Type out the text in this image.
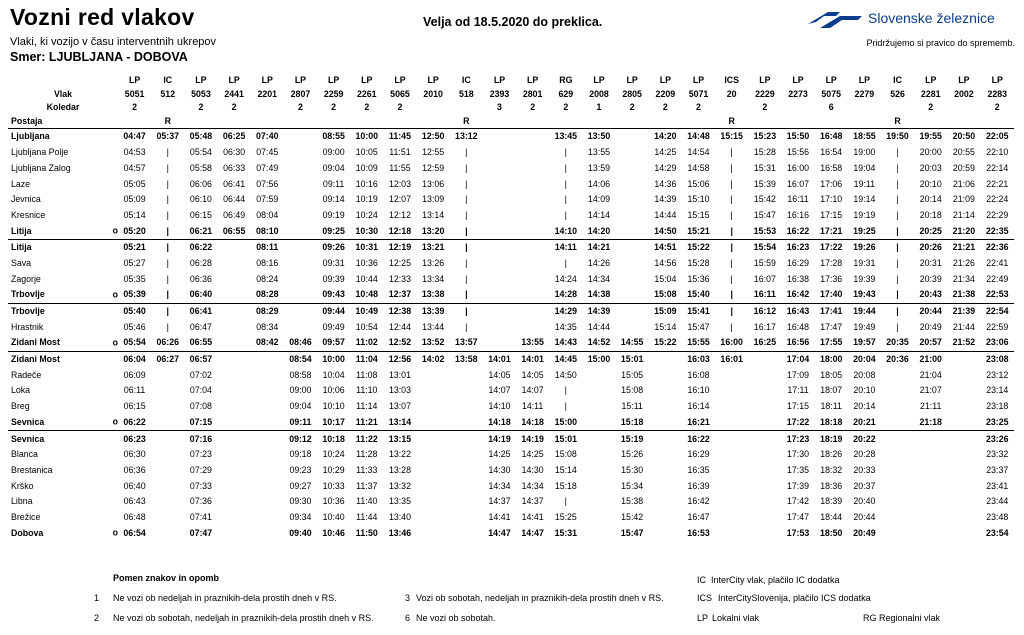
Vozni red vlakov
Vlaki, ki vozijo v času interventnih ukrepov
Smer: LJUBLJANA - DOBOVA
Velja od 18.5.2020 do preklica.	Slovenske železnice
Pridržujemo si pravico do sprememb.
	LP	IC	LP	LP	LP	LP	LP	LP	LP	LP	IC	LP	LP	RG	LP	LP	LP	LP	ICS	LP	LP	LP	LP	IC	LP	LP	LP
Vlak	5051	512	5053	2441	2201	2807	2259	2261	5065	2010	518	2393	2801	629	2008	2805	2209	5071	20	2229	2273	5075	2279	526	2281	2002	2283
Koledar	2		2	2		2	2	2	2			3	2	2	1	2	2	2		2		6			2		2
Postaja		R									R								R					R			
Ljubljana	04:47	05:37	05:48	06:25	07:40		08:55	10:00	11:45	12:50	13:12			13:45	13:50		14:20	14:48	15:15	15:23	15:50	16:48	18:55	19:50	19:55	20:50	22:05
Ljubljana Polje	04:53	|	05:54	06:30	07:45		09:00	10:05	11:51	12:55	|			|	13:55		14:25	14:54	|	15:28	15:56	16:54	19:00	|	20:00	20:55	22:10
Ljubljana Zalog	04:57	|	05:58	06:33	07:49		09:04	10:09	11:55	12:59	|			|	13:59		14:29	14:58	|	15:31	16:00	16:58	19:04	|	20:03	20:59	22:14
Laze	05:05	|	06:06	06:41	07:56		09:11	10:16	12:03	13:06	|			|	14:06		14:36	15:06	|	15:39	16:07	17:06	19:11	|	20:10	21:06	22:21
Jevnica	05:09	|	06:10	06:44	07:59		09:14	10:19	12:07	13:09	|			|	14:09		14:39	15:10	|	15:42	16:11	17:10	19:14	|	20:14	21:09	22:24
Kresnice	05:14	|	06:15	06:49	08:04		09:19	10:24	12:12	13:14	|			|	14:14		14:44	15:15	|	15:47	16:16	17:15	19:19	|	20:18	21:14	22:29
Litija o	05:20	|	06:21	06:55	08:10		09:25	10:30	12:18	13:20	|			14:10	14:20		14:50	15:21	|	15:53	16:22	17:21	19:25	|	20:25	21:20	22:35
Litija	05:21	|	06:22		08:11		09:26	10:31	12:19	13:21	|			14:11	14:21		14:51	15:22	|	15:54	16:23	17:22	19:26	|	20:26	21:21	22:36
Sava	05:27	|	06:28		08:16		09:31	10:36	12:25	13:26	|			|	14:26		14:56	15:28	|	15:59	16:29	17:28	19:31	|	20:31	21:26	22:41
Zagorje	05:35	|	06:36		08:24		09:39	10:44	12:33	13:34	|			14:24	14:34		15:04	15:36	|	16:07	16:38	17:36	19:39	|	20:39	21:34	22:49
Trbovlje o	05:39	|	06:40		08:28		09:43	10:48	12:37	13:38	|			14:28	14:38		15:08	15:40	|	16:11	16:42	17:40	19:43	|	20:43	21:38	22:53
Trbovlje	05:40	|	06:41		08:29		09:44	10:49	12:38	13:39	|			14:29	14:39		15:09	15:41	|	16:12	16:43	17:41	19:44	|	20:44	21:39	22:54
Hrastnik	05:46	|	06:47		08:34		09:49	10:54	12:44	13:44	|			14:35	14:44		15:14	15:47	|	16:17	16:48	17:47	19:49	|	20:49	21:44	22:59
Zidani Most o	05:54	06:26	06:55		08:42	08:46	09:57	11:02	12:52	13:52	13:57		13:55	14:43	14:52	14:55	15:22	15:55	16:00	16:25	16:56	17:55	19:57	20:35	20:57	21:52	23:06
Zidani Most	06:04	06:27	06:57			08:54	10:00	11:04	12:56	14:02	13:58	14:01	14:01	14:45	15:00	15:01		16:03	16:01		17:04	18:00	20:04	20:36	21:00		23:08
Radeče	06:09		07:02			08:58	10:04	11:08	13:01			14:05	14:05	14:50		15:05		16:08			17:09	18:05	20:08		21:04		23:12
Loka	06:11		07:04			09:00	10:06	11:10	13:03			14:07	14:07	|		15:08		16:10			17:11	18:07	20:10		21:07		23:14
Breg	06:15		07:08			09:04	10:10	11:14	13:07			14:10	14:11	|		15:11		16:14			17:15	18:11	20:14		21:11		23:18
Sevnica o	06:22		07:15			09:11	10:17	11:21	13:14			14:18	14:18	15:00		15:18		16:21			17:22	18:18	20:21		21:18		23:25
Sevnica	06:23		07:16			09:12	10:18	11:22	13:15			14:19	14:19	15:01		15:19		16:22			17:23	18:19	20:22				23:26
Blanca	06:30		07:23			09:18	10:24	11:28	13:22			14:25	14:25	15:08		15:26		16:29			17:30	18:26	20:28				23:32
Brestanica	06:36		07:29			09:23	10:29	11:33	13:28			14:30	14:30	15:14		15:30		16:35			17:35	18:32	20:33				23:37
Krško	06:40		07:33			09:27	10:33	11:37	13:32			14:34	14:34	15:18		15:34		16:39			17:39	18:36	20:37				23:41
Libna	06:43		07:36			09:30	10:36	11:40	13:35			14:37	14:37	|		15:38		16:42			17:42	18:39	20:40				23:44
Brežice	06:48		07:41			09:34	10:40	11:44	13:40			14:41	14:41	15:25		15:42		16:47			17:47	18:44	20:44				23:48
Dobova o	06:54		07:47			09:40	10:46	11:50	13:46			14:47	14:47	15:31		15:47		16:53			17:53	18:50	20:49				23:54
Pomen znakov in opomb
1 Ne vozi ob nedeljah in praznikih-dela prostih dneh v RS.
2 Ne vozi ob sobotah, nedeljah in praznikih-dela prostih dneh v RS.
3 Vozi ob sobotah, nedeljah in praznikih-dela prostih dneh v RS.
6 Ne vozi ob sobotah.
IC InterCity vlak, plačilo IC dodatka
ICS InterCitySlovenija, plačilo ICS dodatka
LP Lokalni vlak	RG Regionalni vlak
